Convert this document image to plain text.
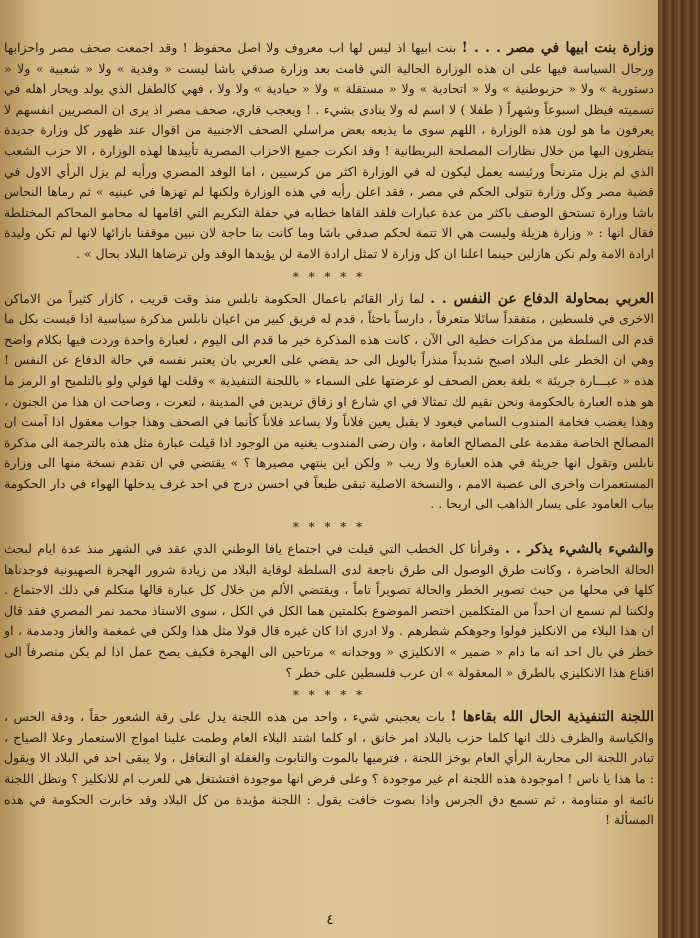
وزارة بنت ابيها في مصر . . . ! بنت ابيها اذ ليس لها اب معروف ولا اصل محفوظ ! وقد اجمعت صحف مصر واحزابها ورجال السياسة فيها على ان هذه الوزارة الحالية التي قامت بعد وزارة صدقي باشا ليست « وفدية » ولا « شعبية » ولا « دستورية » ولا « حزبوطنية » ولا « اتحادية » ولا « مستقلة » ولا « حيادية » ولا ولا ، فهي كالطفل الذي يولد ويحار اهله في تسميته فيظل اسبوعاً وشهراً ( طفلا ) لا اسم له ولا ينادى بشيء . ! ويعجب قاري، صحف مصر اذ يرى ان المصريين انفسهم لا يعرفون ما هو لون هذه الوزارة ، اللهم سوى ما يذيعه بعض مراسلي الصحف الاجنبية من اقوال عند ظهور كل وزارة جديدة ينظرون اليها من خلال نظارات المصلحة البريطانية ! وقد انكرت جميع الاحزاب المصرية تأييدها لهذه الوزارة ، الا حزب الشعب الذي لم يزل مترنحاً ورئيسه يعمل ليكون له في الوزارة اكثر من كرسيين ، اما الوفد المصري ورأيه لم يزل الرأي الاول في قضية مصر وكل وزارة تتولى الحكم في مصر ، فقد اعلن رأيه في هذه الوزارة ولكنها لم تهزها في عينيه » ثم رماها النحاس باشا وزارة تستحق الوصف باكثر من عدة عبارات فلقد القاها خطابه في حفلة التكريم التي اقامها له محامو المحاكم المختلطة فقال انها : « وزارة هزيلة وليست هي الا تتمة لحكم صدقي باشا وما كانت بنا حاجة لان نبين موقفنا بازائها لانها لم تكن وليدة ارادة الامة ولم نكن هازلين حينما اعلنا ان كل وزارة لا تمثل ارادة الامة لن يؤيدها الوفد ولن ترضاها البلاد بحال » .

* * * * *

العربي بمحاولة الدفاع عن النفس . . لما زار القائم باعمال الحكومة نابلس منذ وقت قريب ، كازار كثيراً من الاماكن الاخرى في فلسطين ، متفقداً سائلا متعرفاً ، دارساً باحثاً ، قدم له فريق كبير من اعيان نابلس مذكرة سياسية اذا قيست بكل ما قدم الى السلطة من مذكرات خطية الى الآن ، كانت هذه المذكرة خير ما قدم الى اليوم ، لعبارة واحدة وردت فيها بكلام واضح وهي ان الخطر على البلاد اصبح شديداً منذراً بالويل الى حد يقضي على العربي بان يعتبر نفسه في حالة الدفاع عن النفس ! هذه « عبـــارة جريئة » بلغة بعض الصحف لو عرضتها على السماء « باللجنة التنفيذية » وقلت لها قولي ولو بالتلميح او الرمز ما هو هذه العبارة بالحكومة ونحن نقيم لك تمثالا في اي شارع او زقاق تريدين في المدينة ، لتعرت ، وصاحت ان هذا من الجنون ، وهذا يغضب فخامة المندوب السامي فيعود لا يقبل يعين فلاناً ولا يساعد فلاناً كأنما في الصحف وهذا جواب معقول اذا آمنت ان المصالح الخاصة مقدمة على المصالح العامة ، وان رضى المندوب يغنيه من الوجود اذا قيلت عبارة مثل هذه بالترجمة الى مذكرة نابلس وتقول انها جريئة في هذه العبارة ولا ريب « ولكن اين ينتهي مصيرها ؟ » يقتضي في ان تقدم نسخة منها الى وزارة المستعمرات واخرى الى عصبة الامم ، والنسخة الاصلية تبقى طبعاً في احسن درج في احد غرف يدخلها الهواء في دار الحكومة بباب العامود على يسار الذاهب الى اريحا . .

* * * * *

والشيء بالشيء يذكر . . وقرأنا كل الخطب التي قيلت في اجتماع يافا الوطني الذي عقد في الشهر منذ عدة ايام لبحث الحالة الحاضرة ، وكانت طرق الوصول الى طرق ناجعة لدى السلطة لوقاية البلاد من زيادة شرور الهجرة الصهيونية فوجدناها كلها في محلها من حيث تصوير الخطر والحالة تصويراً تاماً ، ويقتضي الألم من خلال كل عبارة قالها متكلم في ذلك الاجتماع . ولكننا لم نسمع ان احداً من المتكلمين اختصر الموضوع بكلمتين هما الكل في الكل ، سوى الاستاذ محمد نمر المصري فقد قال ان هذا البلاء من الانكليز فولوا وجوهكم شطرهم . ولا ادري اذا كان غيره قال قولا مثل هذا ولكن في غمغمة والغاز ودمدمة ، او خطر في بال احد انه ما دام « ضمير » الانكليزي « ووجدانه » مرتاحين الى الهجرة فكيف يصح عمل اذا لم يكن منصرفاً الى اقناع هذا الانكليزي بالطرق « المعقولة » ان عرب فلسطين على خطر ؟

* * * * *

اللجنة التنفيذية الحال الله بقاءها ! بات يعجبني شيء ، واحد من هذه اللجنة يدل على رقة الشعور حقاً ، ودقة الحس ، والكياسة والظرف ذلك انها كلما حزب بالبلاد امر خانق ، او كلما اشتد البلاء العام وطمت علينا امواج الاستعمار وعلا الصياح ، تبادر اللجنة الى محاربة الرأي العام بوخز اللجنة ، فترميها بالموت والتابوت والغفلة او التغافل ، ولا يبقى احد في البلاد الا ويقول : ما هذا يا ناس ! اموجودة هذه اللجنة ام غير موجودة ؟ وعلى فرض انها موجودة افتشتغل هي للعرب ام للانكليز ؟ وتظل اللجنة نائمة او متناومة ، ثم تسمع دق الجرس واذا بصوت خافت يقول : اللجنة مؤيدة من كل البلاد وقد خابرت الحكومة في هذه المسألة !

٤
